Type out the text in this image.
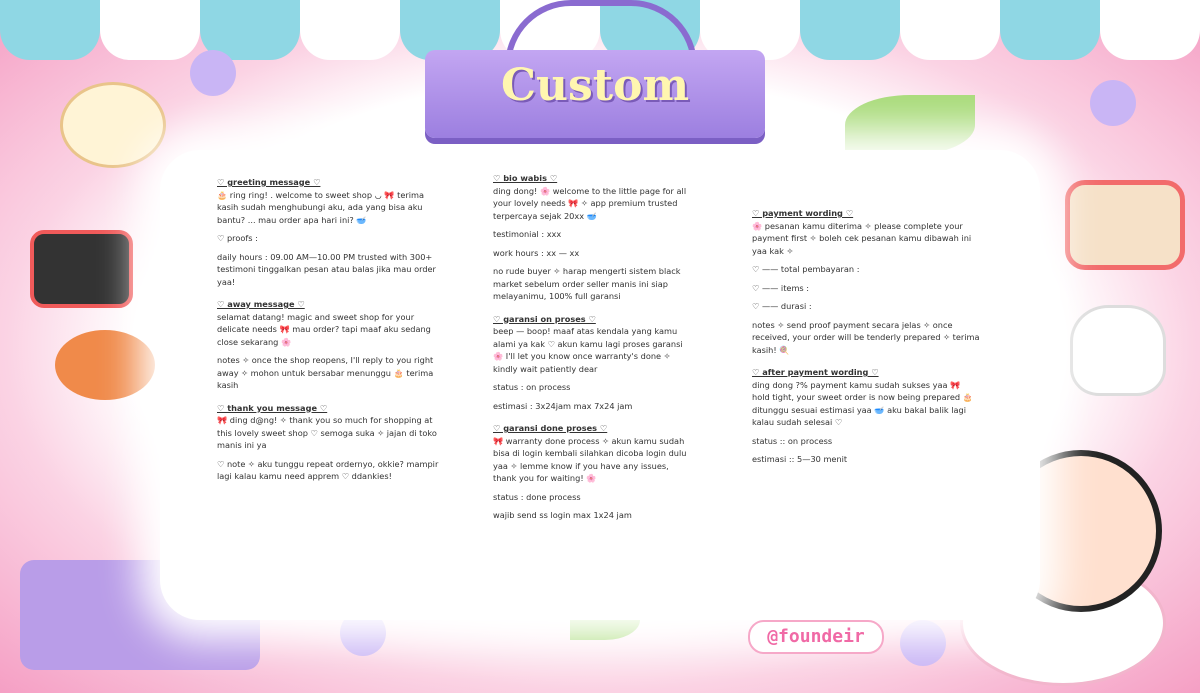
Custom
♡ greeting message ♡

🎂 ring ring! . welcome to sweet shop ◡ 🎀 terima kasih sudah menghubungi aku, ada yang bisa aku bantu? ... mau order apa hari ini? 🥣

♡ proofs :

daily hours : 09.00 AM—10.00 PM trusted with 300+ testimoni tinggalkan pesan atau balas jika mau order yaa!

♡ away message ♡

selamat datang! magic and sweet shop for your delicate needs 🎀 mau order? tapi maaf aku sedang close sekarang 🌸

notes ✧ once the shop reopens, I'll reply to you right away ✧ mohon untuk bersabar menunggu 🎂 terima kasih

♡ thank you message ♡

🎀 ding d@ng! ✧ thank you so much for shopping at this lovely sweet shop ♡ semoga suka ✧ jajan di toko manis ini ya

♡ note ✧ aku tunggu repeat ordernyo, okkie? mampir lagi kalau kamu need apprem ♡ ddankies!

♡ bio wabis ♡

ding dong! 🌸 welcome to the little page for all your lovely needs 🎀 ✧ app premium trusted terpercaya sejak 20xx 🥣

testimonial : xxx

work hours : xx — xx

no rude buyer ✧ harap mengerti sistem black market sebelum order seller manis ini siap melayanimu, 100% full garansi

♡ garansi on proses ♡

beep — boop! maaf atas kendala yang kamu alami ya kak ♡ akun kamu lagi proses garansi 🌸 I'll let you know once warranty's done ✧ kindly wait patiently dear

status : on process

estimasi : 3x24jam max 7x24 jam

♡ garansi done proses ♡

🎀 warranty done process ✧ akun kamu sudah bisa di login kembali silahkan dicoba login dulu yaa ✧ lemme know if you have any issues, thank you for waiting! 🌸

status : done process

wajib send ss login max 1x24 jam

♡ payment wording ♡

🌸 pesanan kamu diterima ✧ please complete your payment first ✧ boleh cek pesanan kamu dibawah ini yaa kak ✧

♡ —— total pembayaran :

♡ —— items :

♡ —— durasi :

notes ✧ send proof payment secara jelas ✧ once received, your order will be tenderly prepared ✧ terima kasih! 🍭

♡ after payment wording ♡

ding dong ?% payment kamu sudah sukses yaa 🎀 hold tight, your sweet order is now being prepared 🎂 ditunggu sesuai estimasi yaa 🥣 aku bakal balik lagi kalau sudah selesai ♡

status :: on process

estimasi :: 5—30 menit

@foundeir
